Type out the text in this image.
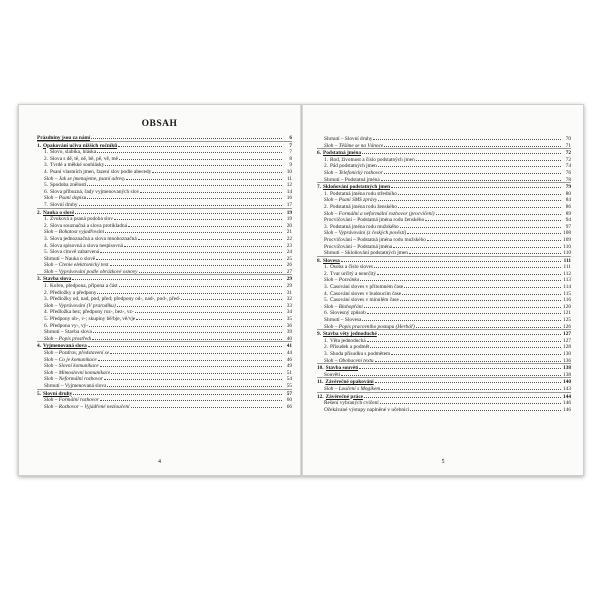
OBSAH
Prázdniny jsou za námi	6
1. Opakování učiva nižších ročníků	7
1. Slovo, slabika, hláska	7
2. Slova s dě, tě, ně, bě, pě, vě, mě	8
3. Tvrdé a měkké souhlásky	9
4. Psaní vlastních jmen, řazení slov podle abecedy	10
Sloh – Jak se jmenujeme, psaní adresy	11
5. Spodoba znělosti	12
6. Slova příbuzná, řady vyjmenovaných slov	14
Sloh – Psaní dopisu	16
7. Slovní druhy	17
2. Nauka o slově	19
1. Zvuková a psaná podoba slov	19
2. Slova souznačná a slova protikladná	20
Sloh – Bohatost vyjadřování	21
3. Slova jednoznačná a slova mnohoznačná	22
4. Slova spisovná a slova nespisovná	23
5. Slova citově zabarvená	24
Shrnutí – Nauka o slově	25
Sloh – Čtenie elektronický text	26
Sloh – Vyprávování podle obrázkové osnovy	27
3. Stavba slova	29
1. Kořen, předpona, přípona a část	29
2. Předložky a předpony	31
3. Předložky od, nad, pod, před; předpony od-, nad-, pod-, před-	32
Sloh – Vyprávování (V prarodiku)	33
4. Předložka bez; předpony roz-, bez-, vz-	34
5. Předpony ob-, v-; skupiny bě/bje, vě/vje	35
6. Předpona vy-, vý-	36
Shrnutí – Stavba slova	39
Sloh – Popis prostředí	40
4. Vyjmenovaná slova	41
Sloh – Pozdrav, představení se	44
Sloh – Co je komunikace	46
Sloh – Slovní komunikace	49
Sloh – Mimoslovní komunikace	51
Sloh – Neformální rozhovor	54
Shrnutí – Vyjmenovaná slova	55
5. Slovní druhy	57
Sloh – Formální rozhovor	60
Sloh – Rozhovor – Vyjádřené nezloučení	66
4
Shrnutí – Slovní druhy	70
Sloh – Těšíme se na Vánoce	71
6. Podstatná jména	72
1. Rod, životnost a číslo podstatných jmen	72
2. Pád podstatných jmen	74
Sloh – Telefonický rozhovor	76
Shrnutí – Podstatná jména	78
7. Skloňování podstatných jmen	79
1. Podstatná jména rodu středního	80
Sloh – Psaní SMS zprávy	84
2. Podstatná jména rodu ženského	86
Sloh – Formální a neformální rozhovor (procvičení)	89
Procvičování – Podstatná jména rodu ženského	94
3. Podstatná jména rodu mužského	97
Sloh – Vyprávování (z českých pověstí)	108
Procvičování – Podstatná jména rodu mužského	109
Procvičování – Podstatná jména	110
Shrnutí – Skloňování podstatných jmen	110
8. Slovesa	111
1. Osoba a číslo sloves	111
2. Tvar určitý a neurčitý	112
Sloh – Pozvánka	113
3. Časování sloves v přítomném čase	114
4. Časování sloves v budoucím čase	115
5. Časování sloves v minulém čase	116
Sloh – Blahopřání	120
6. Slovesný způsob	121
Shrnutí – Slovesa	125
Sloh – Popis pracovního postupu (Herbář)	126
9. Stavba věty jednoduché	127
1. Věta jednoduchá	127
2. Přísudek a podmět	128
3. Shoda přísudku s podmětem	130
Sloh – Obohacení textu	136
10. Stavba souvětí	138
Souvětí	138
11. Závěrečné opakování	140
Sloh – Loučení s Mogikem	143
12. Závěrečné práce	144
Řešení vybraných cvičení	146
Očekávané výstupy naplněné v učebnici	146
5
